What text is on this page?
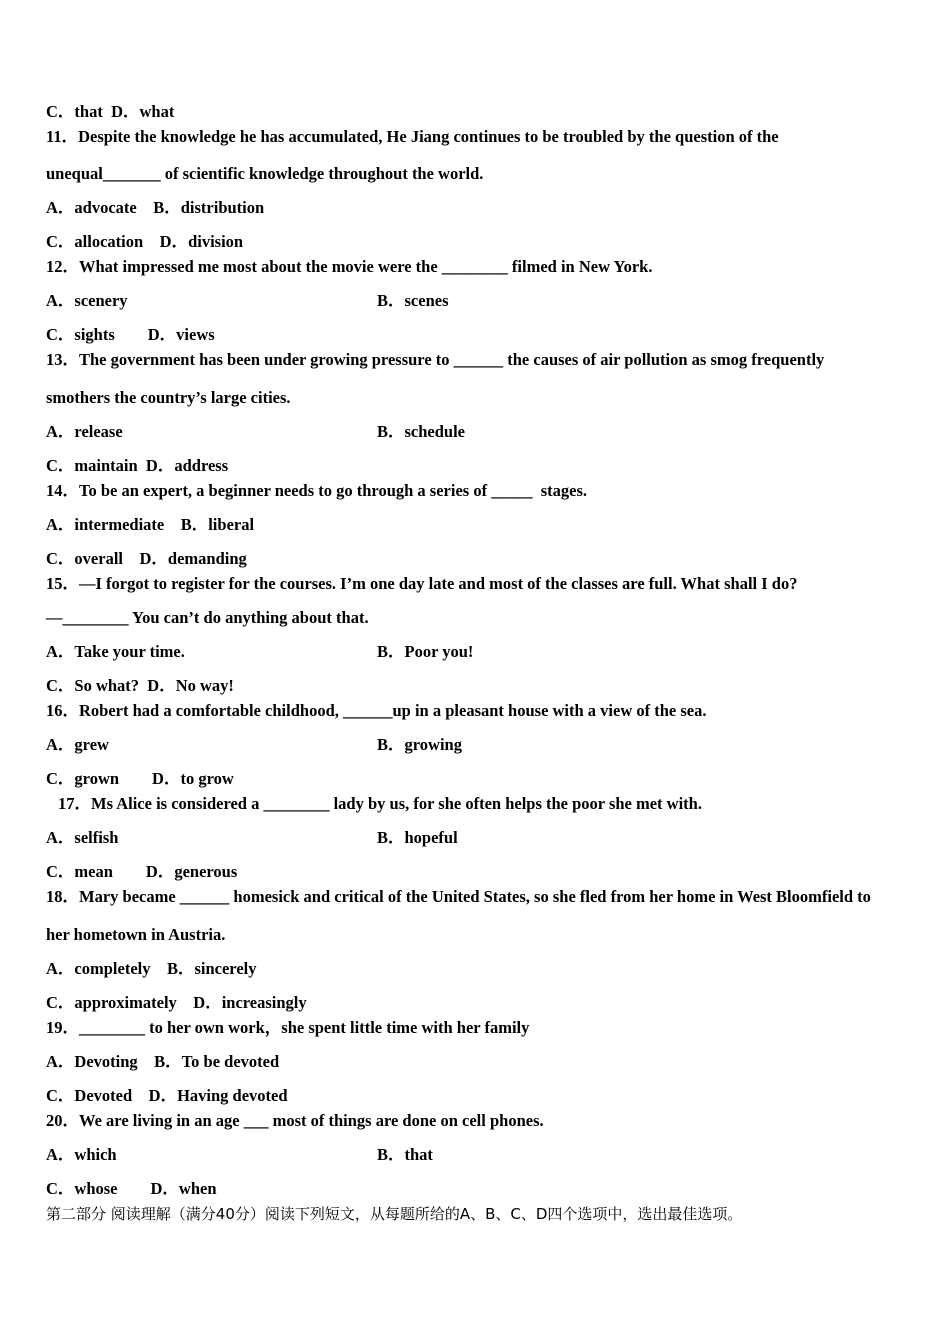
C．that  D．what
11．Despite the knowledge he has accumulated, He Jiang continues to be troubled by the question of the
unequal_______ of scientific knowledge throughout the world.
A．advocate    B．distribution
C．allocation    D．division
12．What impressed me most about the movie were the ________ filmed in New York.
A．scenery	B．scenes
C．sights        D．views
13．The government has been under growing pressure to ______ the causes of air pollution as smog frequently
smothers the country’s large cities.
A．release	B．schedule
C．maintain  D．address
14．To be an expert, a beginner needs to go through a series of _____  stages.
A．intermediate    B．liberal
C．overall    D．demanding
15．—I forgot to register for the courses. I’m one day late and most of the classes are full. What shall I do?
—________ You can’t do anything about that.
A．Take your time.	B．Poor you!
C．So what?  D．No way!
16．Robert had a comfortable childhood, ______up in a pleasant house with a view of the sea.
A．grew	B．growing
C．grown        D．to grow
17．Ms Alice is considered a ________ lady by us, for she often helps the poor she met with.
A．selfish	B．hopeful
C．mean        D．generous
18．Mary became ______ homesick and critical of the United States, so she fled from her home in West Bloomfield to
her hometown in Austria.
A．completely    B．sincerely
C．approximately    D．increasingly
19．________ to her own work，she spent little time with her family
A．Devoting    B．To be devoted
C．Devoted    D．Having devoted
20．We are living in an age ___ most of things are done on cell phones.
A．which	B．that
C．whose        D．when
第二部分 阅读理解（满分40分）阅读下列短文，从每题所给的A、B、C、D四个选项中，选出最佳选项。
